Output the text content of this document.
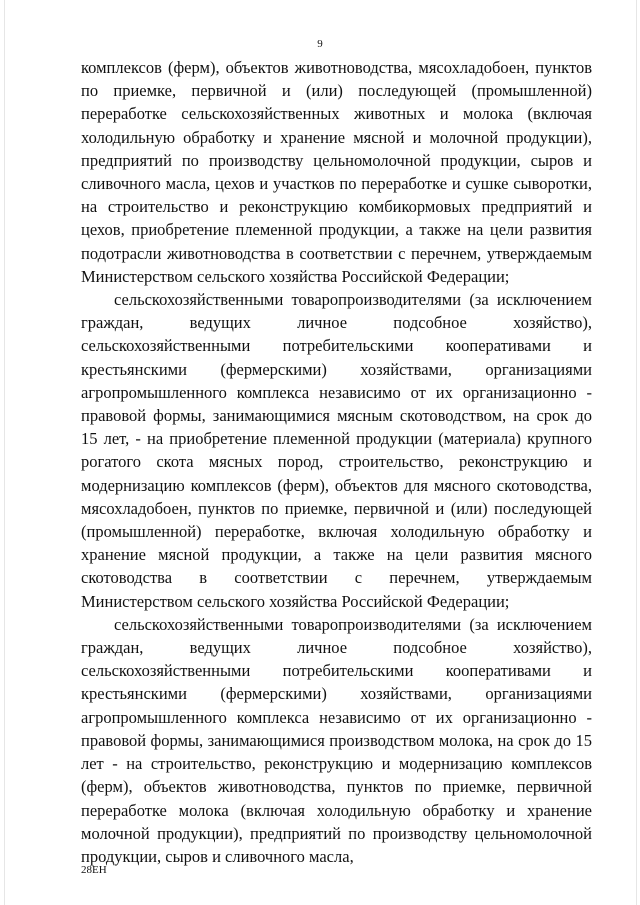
9

комплексов (ферм), объектов животноводства, мясохладобоен, пунктов по приемке, первичной и (или) последующей (промышленной) переработке сельскохозяйственных животных и молока (включая холодильную обработку и хранение мясной и молочной продукции), предприятий по производству цельномолочной продукции, сыров и сливочного масла, цехов и участков по переработке и сушке сыворотки, на строительство и реконструкцию комбикормовых предприятий и цехов, приобретение племенной продукции, а также на цели развития подотрасли животноводства в соответствии с перечнем, утверждаемым Министерством сельского хозяйства Российской Федерации;

сельскохозяйственными товаропроизводителями (за исключением граждан, ведущих личное подсобное хозяйство), сельскохозяйственными потребительскими кооперативами и крестьянскими (фермерскими) хозяйствами, организациями агропромышленного комплекса независимо от их организационно - правовой формы, занимающимися мясным скотоводством, на срок до 15 лет, - на приобретение племенной продукции (материала) крупного рогатого скота мясных пород, строительство, реконструкцию и модернизацию комплексов (ферм), объектов для мясного скотоводства, мясохладобоен, пунктов по приемке, первичной и (или) последующей (промышленной) переработке, включая холодильную обработку и хранение мясной продукции, а также на цели развития мясного скотоводства в соответствии с перечнем, утверждаемым Министерством сельского хозяйства Российской Федерации;

сельскохозяйственными товаропроизводителями (за исключением граждан, ведущих личное подсобное хозяйство), сельскохозяйственными потребительскими кооперативами и крестьянскими (фермерскими) хозяйствами, организациями агропромышленного комплекса независимо от их организационно - правовой формы, занимающимися производством молока, на срок до 15 лет - на строительство, реконструкцию и модернизацию комплексов (ферм), объектов животноводства, пунктов по приемке, первичной переработке молока (включая холодильную обработку и хранение молочной продукции), предприятий по производству цельномолочной продукции, сыров и сливочного масла,

28ЕН
